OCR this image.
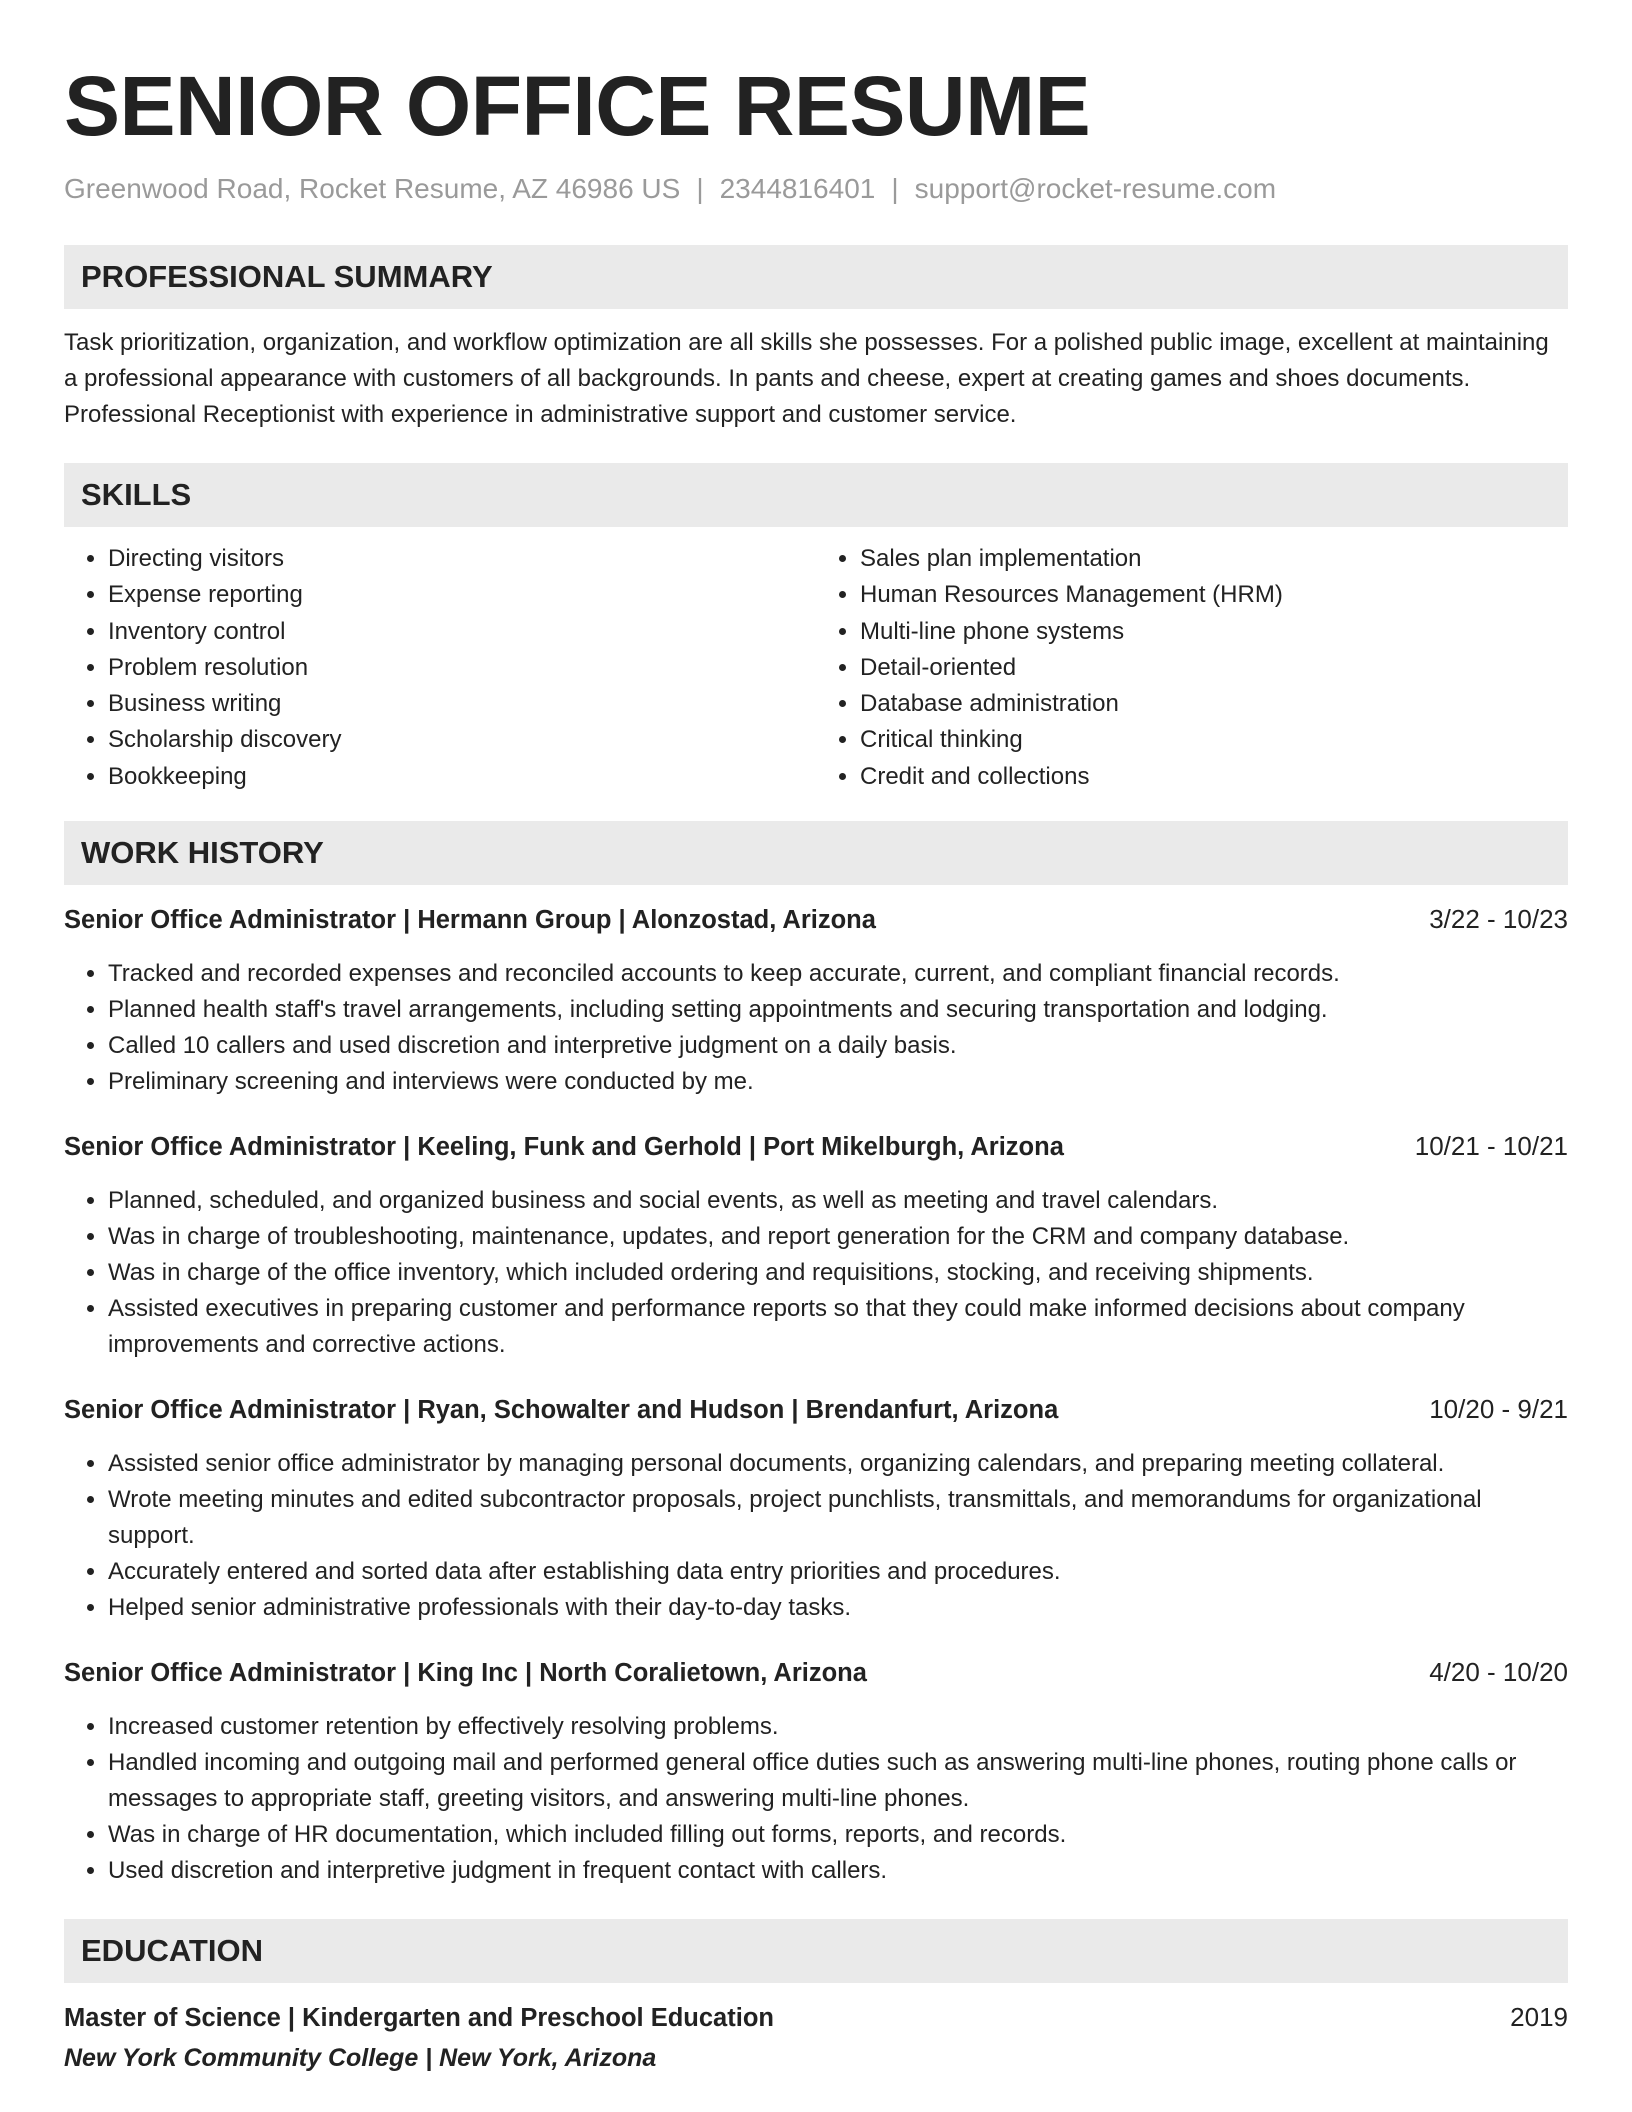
SENIOR OFFICE RESUME
Greenwood Road, Rocket Resume, AZ 46986 US | 2344816401 | support@rocket-resume.com
PROFESSIONAL SUMMARY

Task prioritization, organization, and workflow optimization are all skills she possesses. For a polished public image, excellent at maintaining a professional appearance with customers of all backgrounds. In pants and cheese, expert at creating games and shoes documents. Professional Receptionist with experience in administrative support and customer service.

SKILLS
• Directing visitors
• Expense reporting
• Inventory control
• Problem resolution
• Business writing
• Scholarship discovery
• Bookkeeping
• Sales plan implementation
• Human Resources Management (HRM)
• Multi-line phone systems
• Detail-oriented
• Database administration
• Critical thinking
• Credit and collections
WORK HISTORY
Senior Office Administrator | Hermann Group | Alonzostad, Arizona	3/22 - 10/23
• Tracked and recorded expenses and reconciled accounts to keep accurate, current, and compliant financial records.
• Planned health staff's travel arrangements, including setting appointments and securing transportation and lodging.
• Called 10 callers and used discretion and interpretive judgment on a daily basis.
• Preliminary screening and interviews were conducted by me.
Senior Office Administrator | Keeling, Funk and Gerhold | Port Mikelburgh, Arizona	10/21 - 10/21
• Planned, scheduled, and organized business and social events, as well as meeting and travel calendars.
• Was in charge of troubleshooting, maintenance, updates, and report generation for the CRM and company database.
• Was in charge of the office inventory, which included ordering and requisitions, stocking, and receiving shipments.
• Assisted executives in preparing customer and performance reports so that they could make informed decisions about company improvements and corrective actions.
Senior Office Administrator | Ryan, Schowalter and Hudson | Brendanfurt, Arizona	10/20 - 9/21
• Assisted senior office administrator by managing personal documents, organizing calendars, and preparing meeting collateral.
• Wrote meeting minutes and edited subcontractor proposals, project punchlists, transmittals, and memorandums for organizational support.
• Accurately entered and sorted data after establishing data entry priorities and procedures.
• Helped senior administrative professionals with their day-to-day tasks.
Senior Office Administrator | King Inc | North Coralietown, Arizona	4/20 - 10/20
• Increased customer retention by effectively resolving problems.
• Handled incoming and outgoing mail and performed general office duties such as answering multi-line phones, routing phone calls or messages to appropriate staff, greeting visitors, and answering multi-line phones.
• Was in charge of HR documentation, which included filling out forms, reports, and records.
• Used discretion and interpretive judgment in frequent contact with callers.
EDUCATION
Master of Science | Kindergarten and Preschool Education	2019
New York Community College | New York, Arizona
